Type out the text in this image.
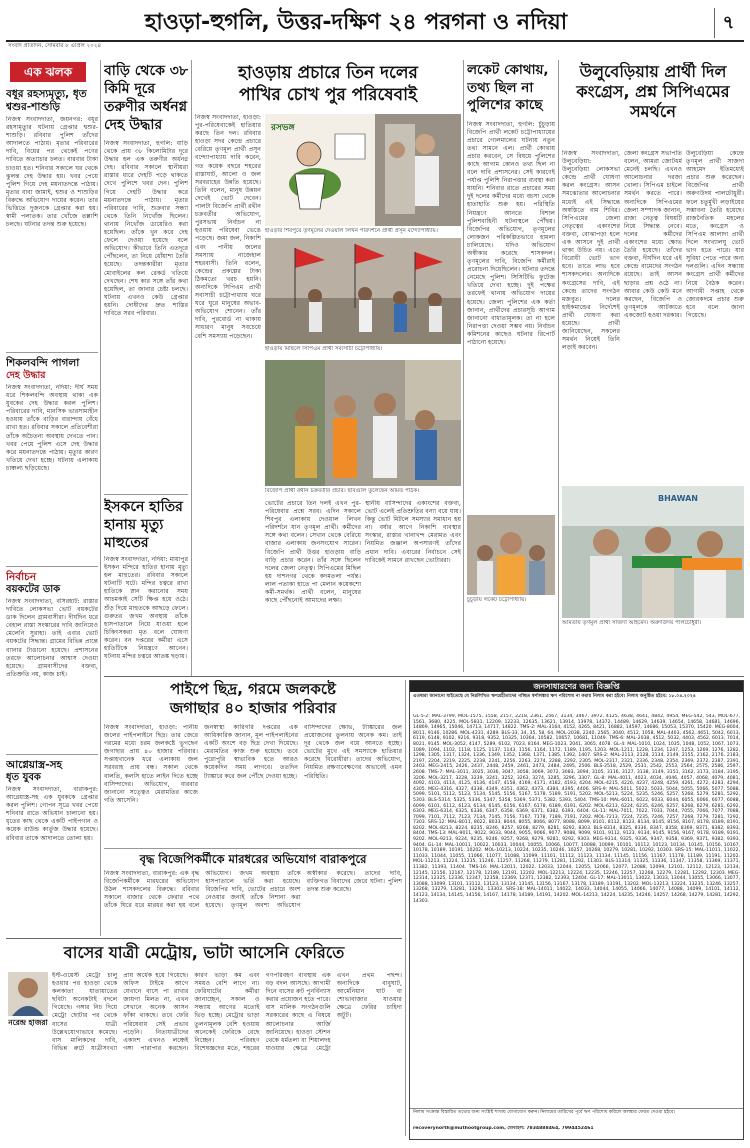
হাওড়া-হুগলি, উত্তর-দক্ষিণ ২৪ পরগনা ও নদিয়া	৭
সংবাদ প্রতিদিন, সোমবার ৮ এপ্রিল ২০২৪
এক ঝলক
বধূর রহস্যমৃত্যু, ধৃত শ্বশুর-শাশুড়ি
নিজস্ব সংবাদদাতা, জয়নগর: বধূর রহস্যমৃত্যুর ঘটনায় গ্রেপ্তার শ্বশুর-শাশুড়ি। রবিবার পুলিশ তাঁদের আদালতে পাঠায়। মৃতার পরিবারের দাবি, বিয়ের পর থেকেই পণের দাবিতে অত্যাচার চলত। বারবার টাকা চাওয়া হত। শনিবার সকালে ঘর থেকে ঝুলন্ত দেহ উদ্ধার হয়। খবর পেয়ে পুলিশ গিয়ে দেহ ময়নাতদন্তে পাঠায়। মৃতার বাবা জামাই, শ্বশুর ও শাশুড়ির বিরুদ্ধে অভিযোগ দায়ের করেন। তার ভিত্তিতে দুজনকে গ্রেপ্তার করা হয়। স্বামী পলাতক। তার খোঁজে তল্লাশি চলছে। ঘটনার তদন্ত শুরু হয়েছে।
শিকলবন্দি পাগলা
দেহ উদ্ধার
নিজস্ব সংবাদদাতা, নদিয়া: দীর্ঘ সময় ধরে শিকলবন্দি অবস্থায় থাকা এক যুবকের দেহ উদ্ধার করল পুলিশ। পরিবারের দাবি, মানসিক ভারসাম্যহীন হওয়ায় তাঁকে বাড়ির বারান্দায় বেঁধে রাখা হত। রবিবার সকালে প্রতিবেশীরা তাঁকে অচৈতন্য অবস্থায় দেখতে পান। খবর পেয়ে পুলিশ এসে দেহ উদ্ধার করে ময়নাতদন্তে পাঠায়। মৃত্যুর কারণ খতিয়ে দেখা হচ্ছে। ঘটনায় এলাকায় চাঞ্চল্য ছড়িয়েছে।
নির্বাচন
বয়কটের ডাক
নিজস্ব সংবাদদাতা, বসিরহাট: রাস্তার দাবিতে লোকসভা ভোট বয়কটের ডাক দিলেন গ্রামবাসীরা। দীর্ঘদিন ধরে বেহাল রাস্তা সংস্কারের দাবি জানিয়েও মেলেনি সুরাহা। তাই এবার ভোট বয়কটের সিদ্ধান্ত। গ্রামের বিভিন্ন প্রান্তে ব্যানার টাঙানো হয়েছে। প্রশাসনের তরফে আলোচনার আশ্বাস দেওয়া হয়েছে। গ্রামবাসীদের বক্তব্য, প্রতিশ্রুতি নয়, কাজ চাই।
আগ্নেয়াস্ত্র-সহ
ধৃত যুবক
নিজস্ব সংবাদদাতা, বারাকপুর: আগ্নেয়াস্ত্র-সহ এক যুবককে গ্রেপ্তার করল পুলিশ। গোপন সূত্রে খবর পেয়ে শনিবার রাতে অভিযান চালানো হয়। ধৃতের কাছ থেকে একটি পাইপগান ও কয়েক রাউন্ড কার্তুজ উদ্ধার হয়েছে। রবিবার তাকে আদালতে তোলা হয়।
বাড়ি থেকে ৩৮ কিমি দূরে তরুণীর অর্ধনগ্ন দেহ উদ্ধার
নিজস্ব সংবাদদাতা, হুগলি: বাড়ি থেকে প্রায় ৩৮ কিলোমিটার দূরে উদ্ধার হল এক তরুণীর অর্ধনগ্ন দেহ। রবিবার সকালে স্থানীয়রা রাস্তার ধারে দেহটি পড়ে থাকতে দেখে পুলিশে খবর দেন। পুলিশ গিয়ে দেহটি উদ্ধার করে ময়নাতদন্তে পাঠায়। মৃতার পরিবারের দাবি, শুক্রবার সন্ধ্যা থেকে তিনি নিখোঁজ ছিলেন। থানায় নিখোঁজ ডায়েরিও করা হয়েছিল। তাঁকে খুন করে দেহ ফেলে দেওয়া হয়েছে বলে অভিযোগ। কীভাবে তিনি এতদূরে পৌঁছলেন, তা নিয়ে ধোঁয়াশা তৈরি হয়েছে। তদন্তকারীরা মৃতার মোবাইলের কল রেকর্ড খতিয়ে দেখছেন। শেষ কার সঙ্গে তাঁর কথা হয়েছিল, তা জানার চেষ্টা চলছে। ঘটনায় এখনও কেউ গ্রেপ্তার হয়নি। দোষীদের দ্রুত শাস্তির দাবিতে সরব পরিবার।
ইসকনে হাতির হানায় মৃত্যু মাহুতের
নিজস্ব সংবাদদাতা, নদিয়া: মায়াপুর ইসকন মন্দিরে হাতির হানায় মৃত্যু হল মাহুতের। রবিবার সকালে ঘটনাটি ঘটে। মন্দির চত্বরে রাখা হাতিকে স্নান করানোর সময় আচমকাই সেটি ক্ষিপ্ত হয়ে ওঠে। শুঁড় দিয়ে মাহুতকে আছড়ে ফেলে। গুরুতর জখম অবস্থায় তাঁকে হাসপাতালে নিয়ে যাওয়া হলে চিকিৎসকরা মৃত বলে ঘোষণা করেন। বন দপ্তরের কর্মীরা এসে হাতিটিকে নিয়ন্ত্রণে আনেন। ঘটনায় মন্দির চত্বরে আতঙ্ক ছড়ায়।
হাওড়ায় প্রচারে তিন দলের
পাখির চোখ পুর পরিষেবাই
নিজস্ব সংবাদদাতা, হাওড়া: পুর-পরিষেবাকেই হাতিয়ার করছে তিন দল। রবিবার হাওড়া সদর কেন্দ্রে প্রচারে বেরিয়ে তৃণমূল প্রার্থী প্রসূন বন্দ্যোপাধ্যায় দাবি করেন, গত কয়েক বছরে শহরের রাস্তাঘাট, আলো ও জল সরবরাহের উন্নতি হয়েছে। তিনি বলেন, মানুষ উন্নয়ন দেখেই ভোট দেবেন। পালটা বিজেপি প্রার্থী রথীন চক্রবর্তীর অভিযোগ, পুরসভায় নির্বাচন না হওয়ায় পরিষেবা ভেঙে পড়েছে। জমা জল, নিকাশি এবং পানীয় জলের সমস্যায় নাজেহাল শহরবাসী। তিনি বলেন, কেন্দ্রের প্রকল্পের টাকা ঠিকমতো খরচ হয়নি। অন্যদিকে সিপিএম প্রার্থী সব্যসাচী চট্টোপাধ্যায় ঘরে ঘরে ঘুরে মানুষের অভাব-অভিযোগ শোনেন। তাঁর দাবি, পুরবোর্ড না থাকায় সাধারণ মানুষ সবচেয়ে বেশি সমস্যায় পড়েছেন।
রসভঙ্গ
হাওড়ার শিবপুরে তৃণমূলের দেওয়াল লিখন পরিদর্শনে প্রার্থী প্রসূন বন্দ্যোপাধ্যায়।
হাওড়ায় মিছিলে সিপিএম প্রার্থী সব্যসাচী চট্টোপাধ্যায়।
বিজেপি প্রার্থী রথীন চক্রবর্তীর প্রচার। ছবিগুলি তুলেছেন অমিত পাঠক।
ভোটের প্রচারে তিন দলই এখন পুর-পরিষেবার প্রশ্নে সরব। এদিন সকালে শিবপুর এলাকায় দেওয়াল লিখন পরিদর্শনে যান তৃণমূল প্রার্থী। কর্মীদের সঙ্গে কথা বলেন। সেখান থেকে বেরিয়ে বাজার এলাকায় জনসংযোগ সারেন। বিজেপি প্রার্থী উত্তর হাওড়ায় বাড়ি বাড়ি প্রচার করেন। তাঁর সঙ্গে ছিলেন দলের জেলা নেতৃত্ব। সিপিএমের মিছিল হয় দাশনগর থেকে কদমতলা পর্যন্ত। লাল পতাকা হাতে পা মেলান কয়েকশো কর্মী-সমর্থক। প্রার্থী বলেন, মানুষের কাছে পৌঁছনোই আমাদের লক্ষ্য।
স্থানীয় বাসিন্দাদের একাংশের বক্তব্য, ভোট এলেই প্রতিশ্রুতির বন্যা বয়ে যায়। কিন্তু ভোট মিটলে সমস্যার সমাধান হয় না। বর্ষার আগে নিকাশি ব্যবস্থার সংস্কার, রাস্তার খানাখন্দ মেরামত এবং নিয়মিত জঞ্জাল অপসারণই তাঁদের প্রধান দাবি। এবারের নির্বাচনে সেই দাবিকেই সামনে রাখছেন ভোটাররা।
লকেট কোথায়, তথ্য ছিল না পুলিশের কাছে
নিজস্ব সংবাদদাতা, হুগলি: চুঁচুড়ায় বিজেপি প্রার্থী লকেট চট্টোপাধ্যায়ের প্রচারে গোলমালের ঘটনায় নতুন তথ্য সামনে এল। প্রার্থী কোথায় প্রচার করবেন, সে বিষয়ে পুলিশের কাছে আগাম কোনও তথ্য ছিল না বলে দাবি প্রশাসনের। সেই কারণেই পর্যাপ্ত পুলিশি নিরাপত্তার ব্যবস্থা করা যায়নি। শনিবার রাতে প্রচারের সময় দুই দলের কর্মীদের মধ্যে বচসা থেকে হাতাহাতি শুরু হয়। পরিস্থিতি নিয়ন্ত্রণে আনতে বিশাল পুলিশবাহিনী ঘটনাস্থলে পৌঁছয়। বিজেপির অভিযোগ, তৃণমূলের লোকজন পরিকল্পিতভাবে হামলা চালিয়েছে। যদিও অভিযোগ অস্বীকার করেছে শাসকদল। তৃণমূলের দাবি, বিজেপি কর্মীরাই প্ররোচনা দিয়েছিলেন। ঘটনার তদন্তে নেমেছে পুলিশ। সিসিটিভি ফুটেজ খতিয়ে দেখা হচ্ছে। দুই পক্ষের তরফেই থানায় অভিযোগ দায়ের হয়েছে। জেলা পুলিশের এক কর্তা জানান, প্রার্থীদের প্রচারসূচি আগাম জানানো বাধ্যতামূলক। তা না হলে নিরাপত্তা দেওয়া সম্ভব নয়। নির্বাচন কমিশনের কাছেও ঘটনার রিপোর্ট পাঠানো হয়েছে।
চুঁচুড়ায় লকেট চট্টোপাধ্যায়।
উলুবেড়িয়ায় প্রার্থী দিল কংগ্রেস, প্রশ্ন সিপিএমের সমর্থনে
নিজস্ব সংবাদদাতা, উলুবেড়িয়া: উলুবেড়িয়া লোকসভা কেন্দ্রে প্রার্থী ঘোষণা করল কংগ্রেস। আসন সমঝোতার আলোচনার মধ্যেই এই সিদ্ধান্তে অস্বস্তিতে বাম শিবির। সিপিএমের জেলা নেতৃত্বের একাংশের বক্তব্য, বোঝাপড়া হলে এক আসনে দুই প্রার্থী থাকা উচিত নয়। এতে বিরোধী ভোট ভাগ হবে। তাতে লাভ হবে শাসকদলের। অন্যদিকে কংগ্রেসের দাবি, এই কেন্দ্রে তাদের সংগঠন মজবুত। দলের হাইকমান্ডের নির্দেশেই প্রার্থী ঘোষণা করা হয়েছে। প্রার্থী জানিয়েছেন, সকলের সমর্থন নিয়েই তিনি লড়াই করবেন।
জেলা কংগ্রেস সভাপতি বলেন, আমরা জোটধর্ম মেনেই চলছি। এখনও আলোচনার দরজা খোলা। সিপিএম চাইলে সমর্থন করতে পারে। অন্যদিকে সিপিএমের জেলা সম্পাদক জানান, রাজ্য নেতৃত্ব বিষয়টি নিয়ে সিদ্ধান্ত নেবে। দলের কর্মীদের একাংশের মধ্যে ক্ষোভ তৈরি হয়েছে। তাঁদের বক্তব্য, দীর্ঘদিন ধরে এই কেন্দ্রে বামেদের সংগঠন রয়েছে। তাই আসন ছাড়ার প্রশ্ন ওঠে না। আবার কেউ কেউ মনে করছেন, বিজেপি ও তৃণমূলকে আটকাতে একজোট হওয়া দরকার।
উলুবেড়িয়া কেন্দ্রে তৃণমূল প্রার্থী সাজদা আহমেদ ইতিমধ্যেই প্রচার শুরু করেছেন। বিজেপির প্রার্থী অরুণউদয় পালচৌধুরী। ফলে চতুর্মুখী লড়াইয়ের সম্ভাবনা তৈরি হয়েছে। রাজনৈতিক মহলের মতে, কংগ্রেস ও সিপিএম আলাদা প্রার্থী দিলে সংখ্যালঘু ভোট ভাগ হতে পারে। যার সুবিধা পেতে পারে অন্য দলগুলি। এদিন সন্ধ্যায় কংগ্রেস প্রার্থী কর্মীদের নিয়ে বৈঠক করেন। আগামী সপ্তাহ থেকে জোরকদমে প্রচার শুরু হবে বলে জানা গিয়েছে।
BHAWAN
আমতায় তৃণমূল প্রার্থী সাজদা আহমেদ। অরুণউদয় পালচৌধুরী।
পাইপে ছিদ্র, গরমে জলকষ্টে
জগাছার ৪০ হাজার পরিবার
নিজস্ব সংবাদদাতা, হাওড়া: পানীয় জলের পাইপলাইনে ছিদ্র। তার জেরে গরমের মধ্যে চরম জলকষ্টে ভুগছেন জগাছার প্রায় ৪০ হাজার পরিবার। সপ্তাহখানেক ধরে এলাকায় জল সরবরাহ প্রায় বন্ধ। সকাল থেকে বালতি, কলসি হাতে লাইন দিতে হচ্ছে বাসিন্দাদের। অভিযোগ, বারবার জানানো সত্ত্বেও মেরামতির কাজে গতি আসেনি।
জনস্বাস্থ্য কারিগরি দপ্তরের এক আধিকারিক জানান, মূল পাইপলাইনের একটি অংশে বড় ছিদ্র দেখা দিয়েছে। মেরামতির কাজ শুরু হয়েছে। তবে পুরোপুরি স্বাভাবিক হতে আরও কয়েকদিন সময় লাগবে। ততদিন ট্যাঙ্কারে করে জল পৌঁছে দেওয়া হচ্ছে।
বাসিন্দাদের ক্ষোভ, ট্যাঙ্কারের জল প্রয়োজনের তুলনায় অনেক কম। তাই দূর থেকে জল বয়ে আনতে হচ্ছে। ভোটের মুখে এই সমস্যাকে হাতিয়ার করেছে বিরোধীরা। তাদের অভিযোগ, নিয়মিত রক্ষণাবেক্ষণের অভাবেই এমন পরিস্থিতি।
বৃদ্ধ বিজেপিকর্মীকে মারধরের অভিযোগ বারাকপুরে
নিজস্ব সংবাদদাতা, বারাকপুর: এক বৃদ্ধ বিজেপিকর্মীকে মারধরের অভিযোগ উঠল শাসকদলের বিরুদ্ধে। রবিবার সকালে বাজার থেকে ফেরার পথে তাঁকে ঘিরে ধরে মারধর করা হয় বলে অভিযোগ। জখম অবস্থায় তাঁকে হাসপাতালে ভর্তি করা হয়েছে। বিজেপির দাবি, ভোটের প্রচারে অংশ নেওয়ার জন্যই তাঁকে নিশানা করা হয়েছে। তৃণমূল অবশ্য অভিযোগ অস্বীকার করেছে। তাদের দাবি, ব্যক্তিগত বিবাদের জেরে ঘটনা। পুলিশ তদন্ত শুরু করেছে।
বাসের যাত্রী মেট্রোয়, ভাটা আসেনি ফেরিতে
নরেন্দ্র হাজরা
ইস্ট-ওয়েস্ট মেট্রো চালু হওয়ার পর হাওড়া থেকে কলকাতা যাতায়াতের ছবিটা অনেকটাই বদলে গিয়েছে। গঙ্গার নিচ দিয়ে মেট্রো ছোটার পর থেকে বাসের যাত্রী উল্লেখযোগ্যভাবে কমেছে। বাস মালিকদের দাবি, বিভিন্ন রুটে যাত্রীসংখ্যা প্রায় অর্ধেক হয়ে গিয়েছে। অফিস টাইমে আগে যেখানে বাসে পা রাখার জায়গা মিলত না, এখন সেখানে অনেক আসন ফাঁকা থাকছে। তবে ফেরি পরিষেবায় সেই প্রভাব পড়েনি। নিত্যযাত্রীদের একাংশ এখনও লঞ্চেই গঙ্গা পারাপার করছেন। কারণ ভাড়া কম এবং সময়ও বেশি লাগে না। ফেরিঘাটের কর্মীরা জানাচ্ছেন, সকাল ও সন্ধ্যায় আগের মতোই ভিড় হচ্ছে। মেট্রোর ভাড়া তুলনামূলক বেশি হওয়ায় অনেকেই ফেরিকে বেছে নিচ্ছেন। পরিবহণ বিশেষজ্ঞদের মতে, শহরের গণপরিবহণ ব্যবস্থায় এক বড় বদল আসছে। আগামী দিনে বাসের রুট পুনর্বিন্যাস করার প্রয়োজন হতে পারে। বাস মালিক সংগঠনগুলি সরকারের কাছে এ বিষয়ে আলোচনার আর্জি জানিয়েছে। হাওড়া স্টেশন থেকে ধর্মতলা বা শিয়ালদহ যাওয়ার ক্ষেত্রে মেট্রো এখন প্রথম পছন্দ। অন্যদিকে বাবুঘাট, আর্মেনিয়ান ঘাট বা শোভাবাজার যাওয়ার ক্ষেত্রে ফেরির চাহিদা অটুট।
জনসাধারণের জন্য বিজ্ঞপ্তি
এতদ্বারা জানানো যাইতেছে যে নিম্নলিখিত ঋণগ্রহীতাদের গচ্ছিত স্বর্ণালঙ্কার ঋণ পরিশোধ না করায় নিলাম করা হইবে। নিলাম অনুষ্ঠিত হইবে: ১৮.০৪.২০২৪
GL-5-2: MAL-3799, MOL-1575, 1558, 2157, 2218, 2361, 2567, 3134, 3467, 3972, 4125, 4638, 4641, 4842, 4954, MEG-542, 543, MOL-677, 1561, 3680, 4225, MOL-5831, 12209, 12233, 12635, 13621, 13914, 13978, 14372, 14489, 14629, 14639, 14654, 14658, 14681, 14696, 14869, 14965, 15046, 14713, 14717, 14822. TMS-2: MAL-3164, 4152, 4265, 8421, 16882, 14597, 14686, 15053, 15370, 15420. MEG-8004, 8011, 9146, 10286. MOL-4231, 4289. BLS-33, 34, 35, 58, 64, MOL-2038, 2240, 2565, 3040, 4512, 1058, MAL-4403, 4562, 4651, 5042, 6013, 6119, 6148, 9102, 9216, 9318, 9352, 10325, 10364, 10582, 10657, 10681, 11049. TMS-6: MAL-2038, 4512, 5032, 4403, 4562, 6013, 7014, 8021, 9145. MOL-3052, 4147, 5289, 6102, 7023, 8164. MEG-1023, 2041, 3065, 4078. GL-4: MAL-1010, 1024, 1035, 1048, 1052, 1067, 1073, 1089, 1094, 1102, 1118, 1125, 1137, 1143, 1156, 1164, 1172, 1189, 1195, 1203. MOL-1211, 1228, 1234, 1247, 1253, 1269, 1276, 1282, 1298, 1305, 1317, 1324, 1336, 1349, 1352, 1368, 1371, 1385, 1392, 1407. SRS-2: MAL-2113, 2128, 2134, 2149, 2155, 2162, 2176, 2183, 2197, 2204, 2219, 2225, 2238, 2241, 2256, 2263, 2274, 2288, 2292, 2305. MOL-2317, 2321, 2336, 2348, 2354, 2369, 2372, 2387, 2391, 2403. MEG-2415, 2426, 2437, 2448, 2459, 2461, 2473, 2484, 2495, 2506. BLS-2518, 2529, 2531, 2542, 2553, 2564, 2575, 2586, 2597, 2608. TMS-7: MAL-3011, 3025, 3036, 3047, 3058, 3069, 3072, 3083, 3094, 3105, 3116, 3127, 3138, 3149, 3151, 3162, 3173, 3184, 3195, 3206. MOL-3217, 3228, 3239, 3241, 3252, 3263, 3274, 3285, 3296, 3307. GL-8: MAL-4011, 4023, 4034, 4046, 4057, 4068, 4079, 4081, 4092, 4103, 4114, 4125, 4136, 4147, 4158, 4169, 4171, 4182, 4193, 4204. MOL-4215, 4226, 4237, 4248, 4259, 4261, 4272, 4283, 4294, 4305. MEG-4316, 4327, 4338, 4349, 4351, 4362, 4373, 4384, 4395, 4406. SRS-9: MAL-5011, 5022, 5033, 5044, 5055, 5066, 5077, 5088, 5099, 5101, 5112, 5123, 5134, 5145, 5156, 5167, 5178, 5189, 5191, 5202. MOL-5213, 5224, 5235, 5246, 5257, 5268, 5279, 5281, 5292, 5303. BLS-5314, 5325, 5336, 5347, 5358, 5369, 5371, 5382, 5393, 5404. TMS-10: MAL-6011, 6022, 6033, 6044, 6055, 6066, 6077, 6088, 6099, 6101, 6112, 6123, 6134, 6145, 6156, 6167, 6178, 6189, 6191, 6202. MOL-6213, 6224, 6235, 6246, 6257, 6268, 6279, 6281, 6292, 6303. MEG-6314, 6325, 6336, 6347, 6358, 6369, 6371, 6382, 6393, 6404. GL-11: MAL-7011, 7022, 7033, 7044, 7055, 7066, 7077, 7088, 7099, 7101, 7112, 7123, 7134, 7145, 7156, 7167, 7178, 7189, 7191, 7202. MOL-7213, 7224, 7235, 7246, 7257, 7268, 7279, 7281, 7292, 7303. SRS-12: MAL-8011, 8022, 8033, 8044, 8055, 8066, 8077, 8088, 8099, 8101, 8112, 8123, 8134, 8145, 8156, 8167, 8178, 8189, 8191, 8202. MOL-8213, 8224, 8235, 8246, 8257, 8268, 8279, 8281, 8292, 8303. BLS-8314, 8325, 8336, 8347, 8358, 8369, 8371, 8382, 8393, 8404. TMS-13: MAL-9011, 9022, 9033, 9044, 9055, 9066, 9077, 9088, 9099, 9101, 9112, 9123, 9134, 9145, 9156, 9167, 9178, 9189, 9191, 9202. MOL-9213, 9224, 9235, 9246, 9257, 9268, 9279, 9281, 9292, 9303. MEG-9314, 9325, 9336, 9347, 9358, 9369, 9371, 9382, 9393, 9404. GL-14: MAL-10011, 10022, 10033, 10044, 10055, 10066, 10077, 10088, 10099, 10101, 10112, 10123, 10134, 10145, 10156, 10167, 10178, 10189, 10191, 10202. MOL-10213, 10224, 10235, 10246, 10257, 10268, 10279, 10281, 10292, 10303. SRS-15: MAL-11011, 11022, 11033, 11044, 11055, 11066, 11077, 11088, 11099, 11101, 11112, 11123, 11134, 11145, 11156, 11167, 11178, 11189, 11191, 11202. MOL-11213, 11224, 11235, 11246, 11257, 11268, 11279, 11281, 11292, 11303. BLS-11314, 11325, 11336, 11347, 11358, 11369, 11371, 11382, 11393, 11404. TMS-16: MAL-12011, 12022, 12033, 12044, 12055, 12066, 12077, 12088, 12099, 12101, 12112, 12123, 12134, 12145, 12156, 12167, 12178, 12189, 12191, 12202. MOL-12213, 12224, 12235, 12246, 12257, 12268, 12279, 12281, 12292, 12303. MEG-12314, 12325, 12336, 12347, 12358, 12369, 12371, 12382, 12393, 12404. GL-17: MAL-13011, 13022, 13033, 13044, 13055, 13066, 13077, 13088, 13099, 13101, 13112, 13123, 13134, 13145, 13156, 13167, 13178, 13189, 13191, 13202. MOL-13213, 13224, 13235, 13246, 13257, 13268, 13279, 13281, 13292, 13303. SRS-18: MAL-14011, 14022, 14033, 14044, 14055, 14066, 14077, 14088, 14099, 14101, 14112, 14123, 14134, 14145, 14156, 14167, 14178, 14189, 14191, 14202. MOL-14213, 14224, 14235, 14246, 14257, 14268, 14279, 14281, 14292, 14303.
নিলাম সংক্রান্ত বিস্তারিত তথ্যের জন্য সংশ্লিষ্ট শাখায় যোগাযোগ করুন। নিলামের তারিখের পূর্বে ঋণ পরিশোধ করিলে অলঙ্কার ফেরত দেওয়া হইবে।
recoverynorth@muthootgroup.com, মোবাইল: 7834888464, 7994452461
